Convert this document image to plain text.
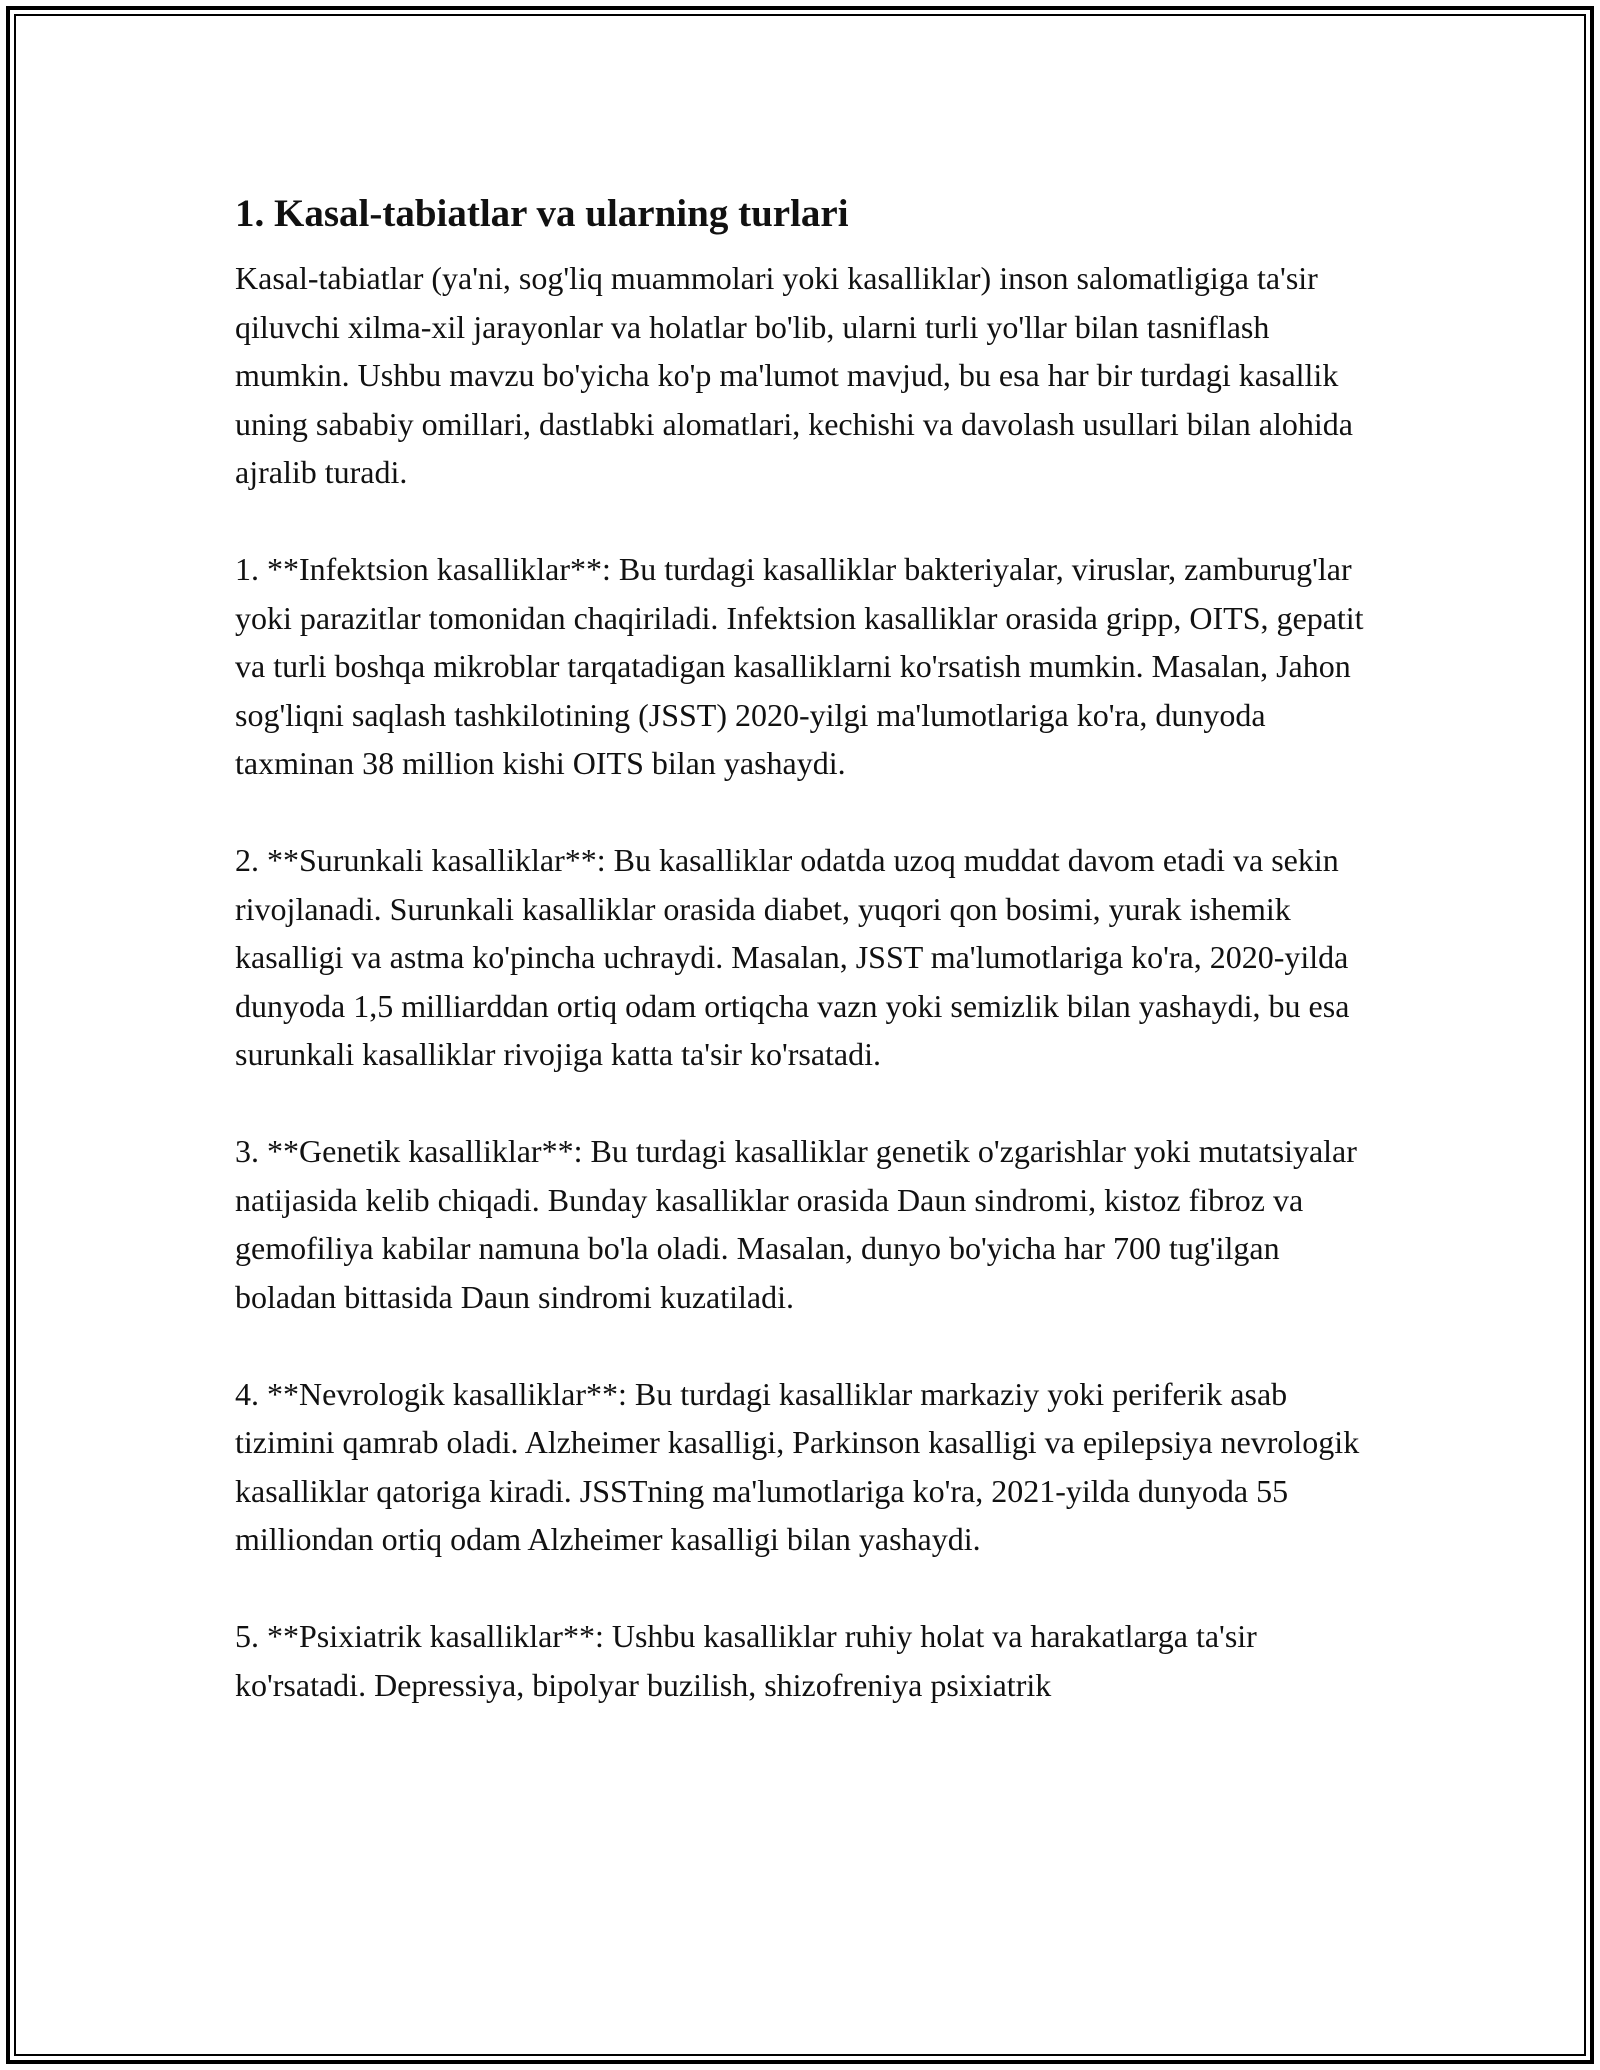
1. Kasal-tabiatlar va ularning turlari

Kasal-tabiatlar (ya'ni, sog'liq muammolari yoki kasalliklar) inson salomatligiga ta'sir qiluvchi xilma-xil jarayonlar va holatlar bo'lib, ularni turli yo'llar bilan tasniflash mumkin. Ushbu mavzu bo'yicha ko'p ma'lumot mavjud, bu esa har bir turdagi kasallik uning sababiy omillari, dastlabki alomatlari, kechishi va davolash usullari bilan alohida ajralib turadi.

1. **Infektsion kasalliklar**: Bu turdagi kasalliklar bakteriyalar, viruslar, zamburug'lar yoki parazitlar tomonidan chaqiriladi. Infektsion kasalliklar orasida gripp, OITS, gepatit va turli boshqa mikroblar tarqatadigan kasalliklarni ko'rsatish mumkin. Masalan, Jahon sog'liqni saqlash tashkilotining (JSST) 2020-yilgi ma'lumotlariga ko'ra, dunyoda taxminan 38 million kishi OITS bilan yashaydi.

2. **Surunkali kasalliklar**: Bu kasalliklar odatda uzoq muddat davom etadi va sekin rivojlanadi. Surunkali kasalliklar orasida diabet, yuqori qon bosimi, yurak ishemik kasalligi va astma ko'pincha uchraydi. Masalan, JSST ma'lumotlariga ko'ra, 2020-yilda dunyoda 1,5 milliarddan ortiq odam ortiqcha vazn yoki semizlik bilan yashaydi, bu esa surunkali kasalliklar rivojiga katta ta'sir ko'rsatadi.

3. **Genetik kasalliklar**: Bu turdagi kasalliklar genetik o'zgarishlar yoki mutatsiyalar natijasida kelib chiqadi. Bunday kasalliklar orasida Daun sindromi, kistoz fibroz va gemofiliya kabilar namuna bo'la oladi. Masalan, dunyo bo'yicha har 700 tug'ilgan boladan bittasida Daun sindromi kuzatiladi.

4. **Nevrologik kasalliklar**: Bu turdagi kasalliklar markaziy yoki periferik asab tizimini qamrab oladi. Alzheimer kasalligi, Parkinson kasalligi va epilepsiya nevrologik kasalliklar qatoriga kiradi. JSSTning ma'lumotlariga ko'ra, 2021-yilda dunyoda 55 milliondan ortiq odam Alzheimer kasalligi bilan yashaydi.

5. **Psixiatrik kasalliklar**: Ushbu kasalliklar ruhiy holat va harakatlarga ta'sir ko'rsatadi. Depressiya, bipolyar buzilish, shizofreniya psixiatrik
